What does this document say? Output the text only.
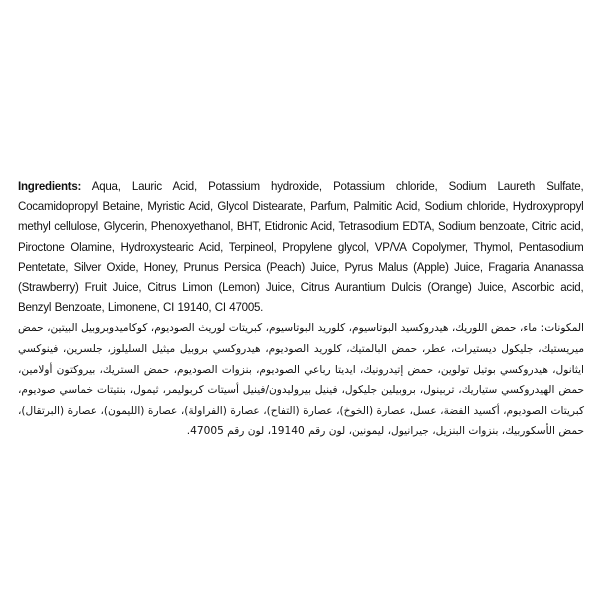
Ingredients: Aqua, Lauric Acid, Potassium hydroxide, Potassium chloride, Sodium Laureth Sulfate, Cocamidopropyl Betaine, Myristic Acid, Glycol Distearate, Parfum, Palmitic Acid, Sodium chloride, Hydroxypropyl methyl cellulose, Glycerin, Phenoxyethanol, BHT, Etidronic Acid, Tetrasodium EDTA, Sodium benzoate, Citric acid, Piroctone Olamine, Hydroxystearic Acid, Terpineol, Propylene glycol, VP/VA Copolymer, Thymol, Pentasodium Pentetate, Silver Oxide, Honey, Prunus Persica (Peach) Juice, Pyrus Malus (Apple) Juice, Fragaria Ananassa (Strawberry) Fruit Juice, Citrus Limon (Lemon) Juice, Citrus Aurantium Dulcis (Orange) Juice, Ascorbic acid, Benzyl Benzoate, Limonene, CI 19140, CI 47005.

المكونات: ماء، حمض اللوريك، هيدروكسيد البوتاسيوم، كلوريد البوتاسيوم، كبريتات لوريث الصوديوم، كوكاميدوبروبيل البيتين، حمض ميريستيك، جليكول ديستيرات، عطر، حمض البالمتيك، كلوريد الصوديوم، هيدروكسي بروبيل ميثيل السليلوز، جلسرين، فينوكسي ايثانول، هيدروكسي بوتيل تولوين، حمض إتيدرونيك، ايديتا رباعي الصوديوم، بنزوات الصوديوم، حمض الستريك، بيروكتون أولامين، حمض الهيدروكسي ستياريك، تربينول، بروبيلين جليكول، فينيل بيروليدون/فينيل أسيتات كربوليمر، ثيمول، بنتيتات خماسي صوديوم، كبريتات الصوديوم، أكسيد الفضة، عسل، عصارة (الخوخ)، عصارة (التفاح)، عصارة (الفراولة)، عصارة (الليمون)، عصارة (البرتقال)، حمض الأسكوربيك، بنزوات البنزيل، جيرانيول، ليمونين، لون رقم 19140، لون رقم 47005.
